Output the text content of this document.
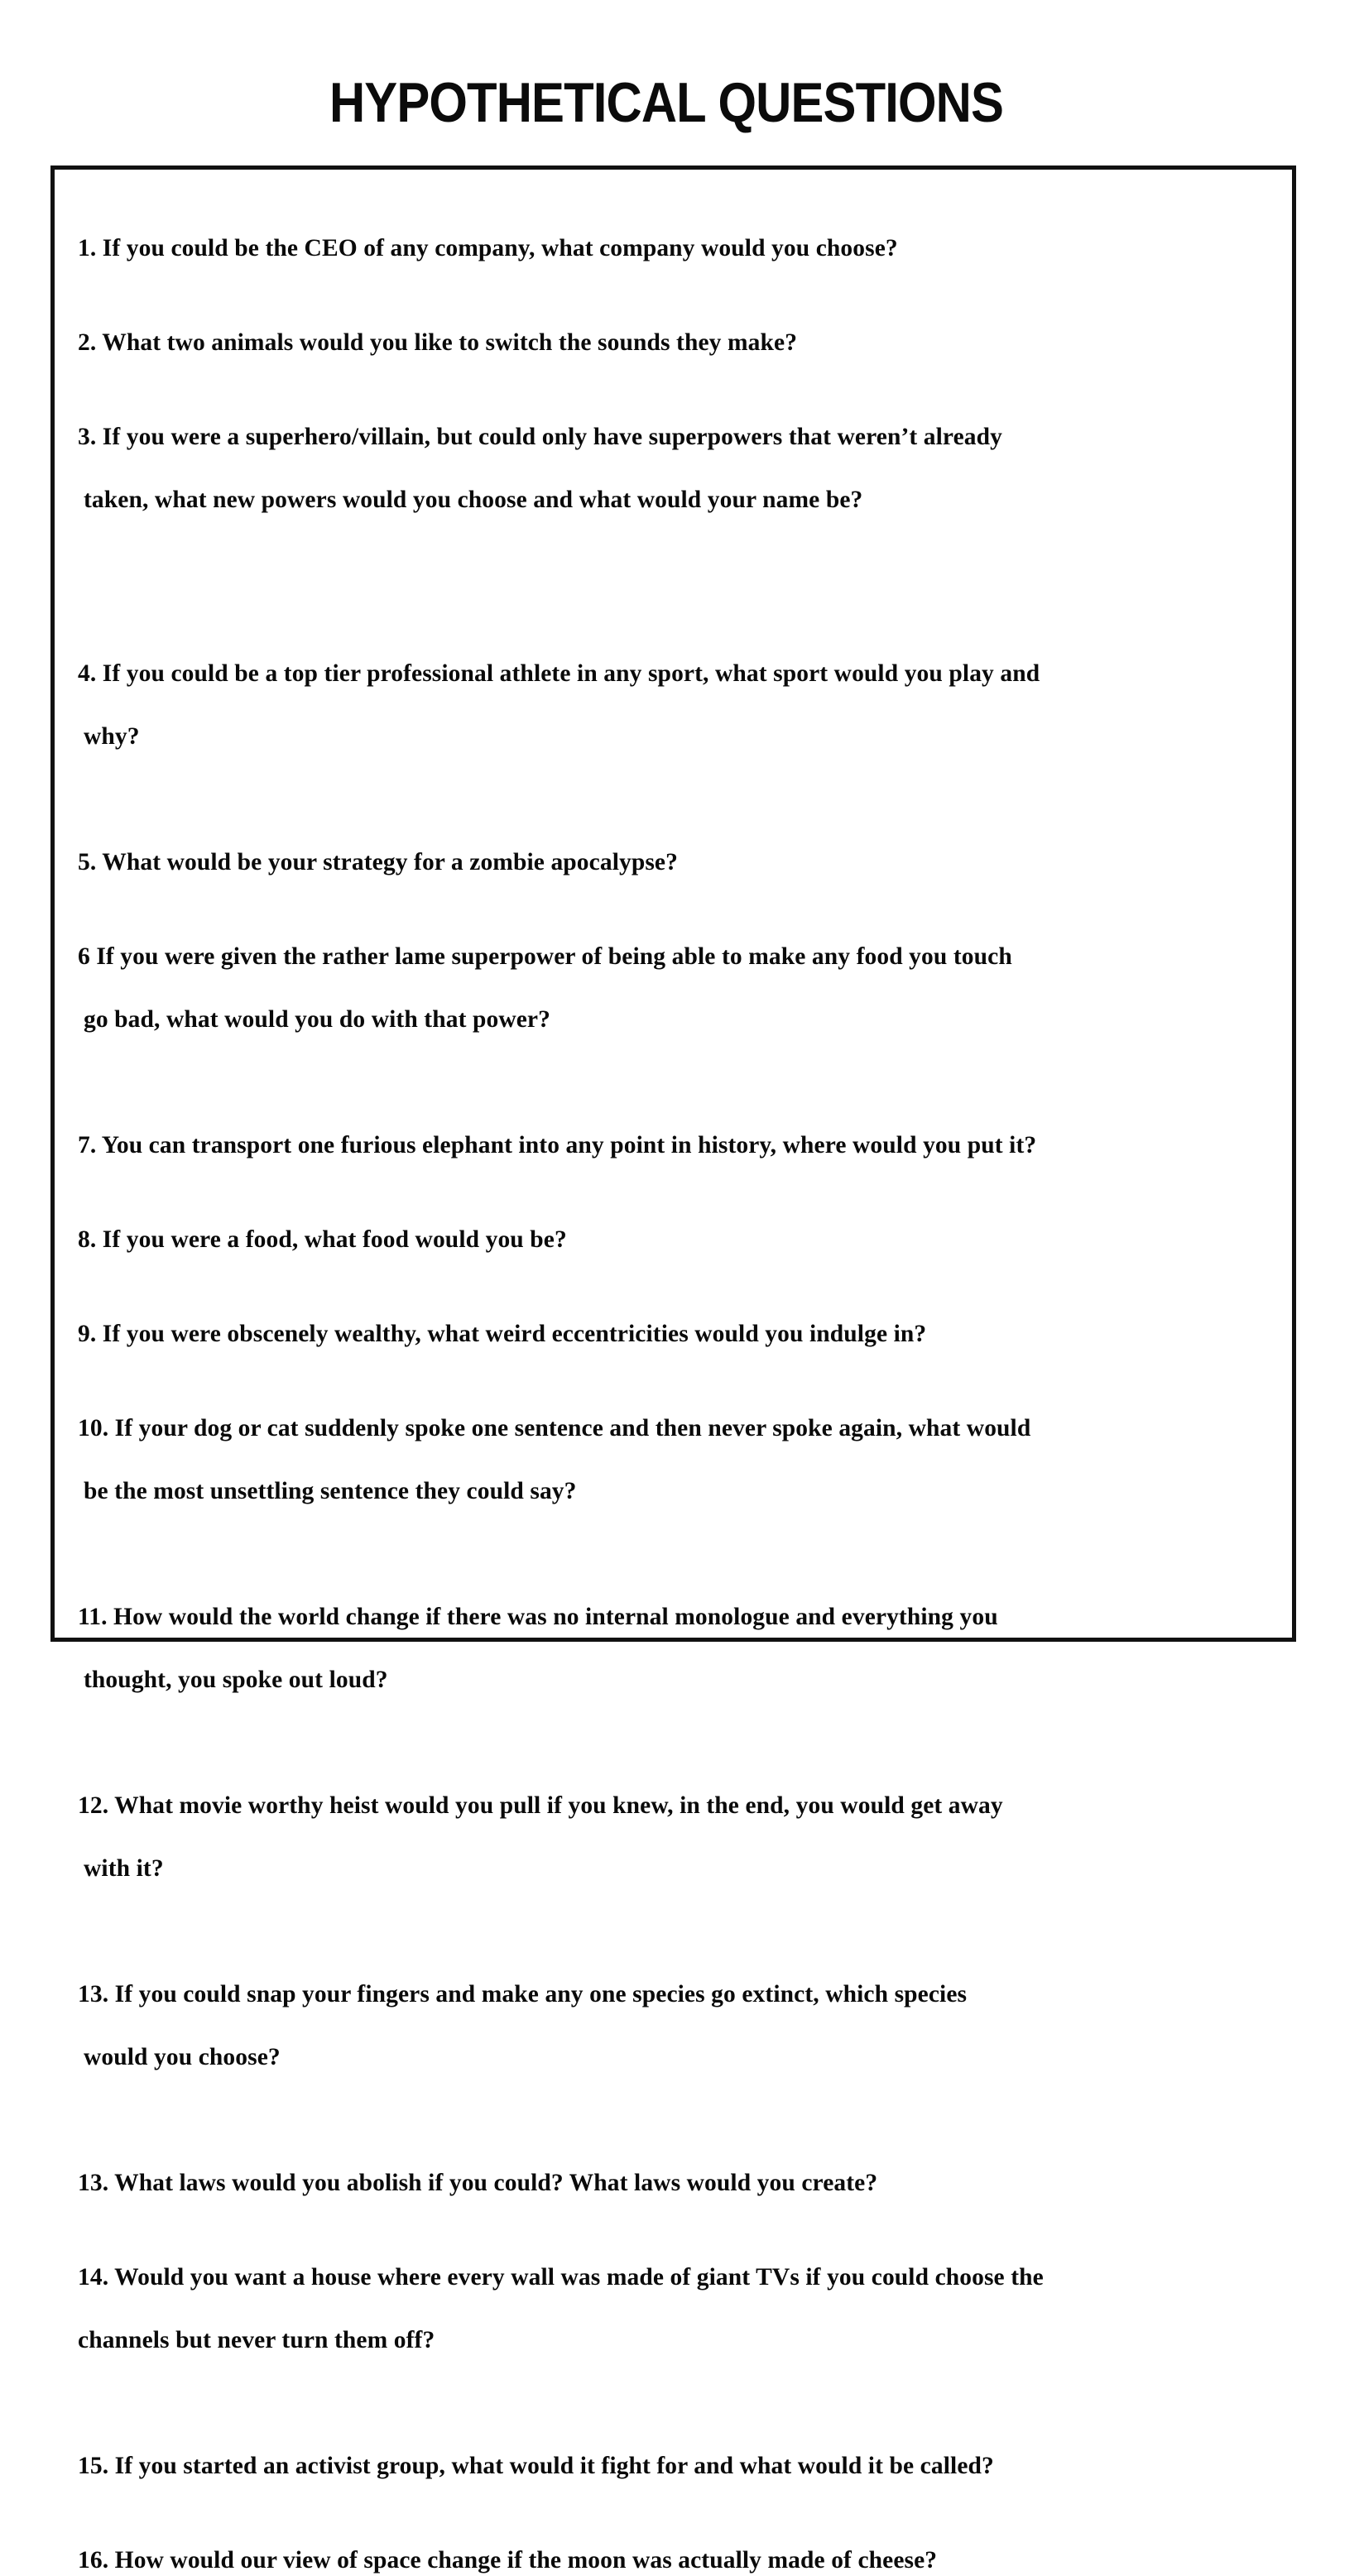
HYPOTHETICAL QUESTIONS

1. If you could be the CEO of any company, what company would you choose?

2. What two animals would you like to switch the sounds they make?

3. If you were a superhero/villain, but could only have superpowers that weren’t already

taken, what new powers would you choose and what would your name be?

4. If you could be a top tier professional athlete in any sport, what sport would you play and

why?

5. What would be your strategy for a zombie apocalypse?

6 If you were given the rather lame superpower of being able to make any food you touch

go bad, what would you do with that power?

7. You can transport one furious elephant into any point in history, where would you put it?

8. If you were a food, what food would you be?

9. If you were obscenely wealthy, what weird eccentricities would you indulge in?

10. If your dog or cat suddenly spoke one sentence and then never spoke again, what would

be the most unsettling sentence they could say?

11. How would the world change if there was no internal monologue and everything you

thought, you spoke out loud?

12. What movie worthy heist would you pull if you knew, in the end, you would get away

with it?

13. If you could snap your fingers and make any one species go extinct, which species

would you choose?

13. What laws would you abolish if you could? What laws would you create?

14. Would you want a house where every wall was made of giant TVs if you could choose the

channels but never turn them off?

15. If you started an activist group, what would it fight for and what would it be called?

16. How would our view of space change if the moon was actually made of cheese?
